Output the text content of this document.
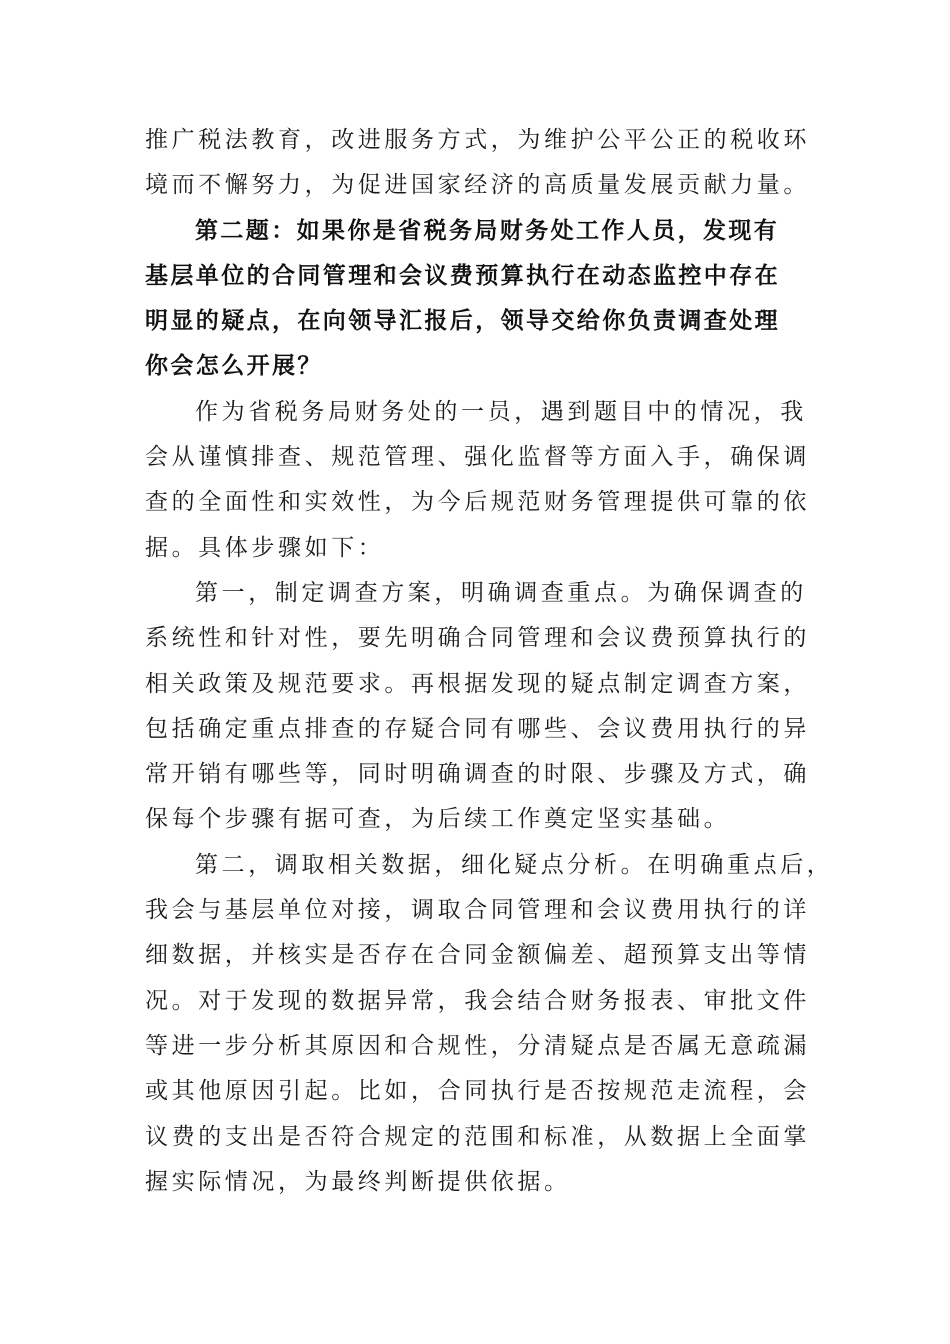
推广税法教育，改进服务方式，为维护公平公正的税收环
境而不懈努力，为促进国家经济的高质量发展贡献力量。

第二题：如果你是省税务局财务处工作人员，发现有
基层单位的合同管理和会议费预算执行在动态监控中存在
明显的疑点，在向领导汇报后，领导交给你负责调查处理
你会怎么开展？

作为省税务局财务处的一员，遇到题目中的情况，我
会从谨慎排查、规范管理、强化监督等方面入手，确保调
查的全面性和实效性，为今后规范财务管理提供可靠的依
据。具体步骤如下：

第一，制定调查方案，明确调查重点。为确保调查的
系统性和针对性，要先明确合同管理和会议费预算执行的
相关政策及规范要求。再根据发现的疑点制定调查方案，
包括确定重点排查的存疑合同有哪些、会议费用执行的异
常开销有哪些等，同时明确调查的时限、步骤及方式，确
保每个步骤有据可查，为后续工作奠定坚实基础。

第二，调取相关数据，细化疑点分析。在明确重点后，
我会与基层单位对接，调取合同管理和会议费用执行的详
细数据，并核实是否存在合同金额偏差、超预算支出等情
况。对于发现的数据异常，我会结合财务报表、审批文件
等进一步分析其原因和合规性，分清疑点是否属无意疏漏
或其他原因引起。比如，合同执行是否按规范走流程，会
议费的支出是否符合规定的范围和标准，从数据上全面掌
握实际情况，为最终判断提供依据。
